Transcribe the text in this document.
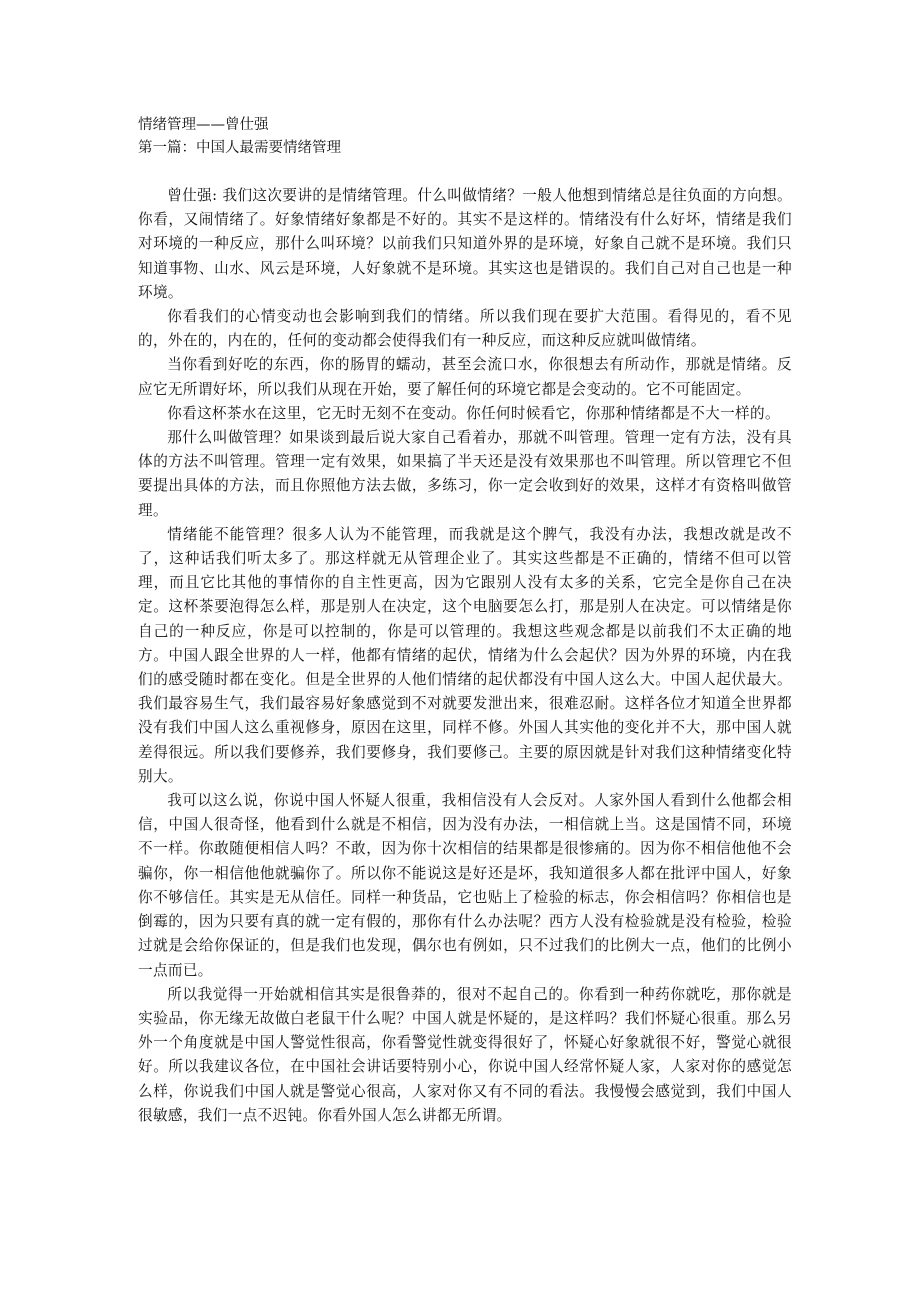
情绪管理——曾仕强
第一篇：中国人最需要情绪管理

曾仕强: 我们这次要讲的是情绪管理。什么叫做情绪？一般人他想到情绪总是往负面的方向想。你看，又闹情绪了。好象情绪好象都是不好的。其实不是这样的。情绪没有什么好坏，情绪是我们对环境的一种反应，那什么叫环境？以前我们只知道外界的是环境，好象自己就不是环境。我们只知道事物、山水、风云是环境，人好象就不是环境。其实这也是错误的。我们自己对自己也是一种环境。

你看我们的心情变动也会影响到我们的情绪。所以我们现在要扩大范围。看得见的，看不见的，外在的，内在的，任何的变动都会使得我们有一种反应，而这种反应就叫做情绪。

当你看到好吃的东西，你的肠胃的蠕动，甚至会流口水，你很想去有所动作，那就是情绪。反应它无所谓好坏，所以我们从现在开始，要了解任何的环境它都是会变动的。它不可能固定。

你看这杯茶水在这里，它无时无刻不在变动。你任何时候看它，你那种情绪都是不大一样的。

那什么叫做管理？如果谈到最后说大家自己看着办，那就不叫管理。管理一定有方法，没有具体的方法不叫管理。管理一定有效果，如果搞了半天还是没有效果那也不叫管理。所以管理它不但要提出具体的方法，而且你照他方法去做，多练习，你一定会收到好的效果，这样才有资格叫做管理。

情绪能不能管理？很多人认为不能管理，而我就是这个脾气，我没有办法，我想改就是改不了，这种话我们听太多了。那这样就无从管理企业了。其实这些都是不正确的，情绪不但可以管理，而且它比其他的事情你的自主性更高，因为它跟别人没有太多的关系，它完全是你自己在决定。这杯茶要泡得怎么样，那是别人在决定，这个电脑要怎么打，那是别人在决定。可以情绪是你自己的一种反应，你是可以控制的，你是可以管理的。我想这些观念都是以前我们不太正确的地方。中国人跟全世界的人一样，他都有情绪的起伏，情绪为什么会起伏？因为外界的环境，内在我们的感受随时都在变化。但是全世界的人他们情绪的起伏都没有中国人这么大。中国人起伏最大。我们最容易生气，我们最容易好象感觉到不对就要发泄出来，很难忍耐。这样各位才知道全世界都没有我们中国人这么重视修身，原因在这里，同样不修。外国人其实他的变化并不大，那中国人就差得很远。所以我们要修养，我们要修身，我们要修己。主要的原因就是针对我们这种情绪变化特别大。

我可以这么说，你说中国人怀疑人很重，我相信没有人会反对。人家外国人看到什么他都会相信，中国人很奇怪，他看到什么就是不相信，因为没有办法，一相信就上当。这是国情不同，环境不一样。你敢随便相信人吗？不敢，因为你十次相信的结果都是很惨痛的。因为你不相信他他不会骗你，你一相信他他就骗你了。所以你不能说这是好还是坏，我知道很多人都在批评中国人，好象你不够信任。其实是无从信任。同样一种货品，它也贴上了检验的标志，你会相信吗？你相信也是倒霉的，因为只要有真的就一定有假的，那你有什么办法呢？西方人没有检验就是没有检验，检验过就是会给你保证的，但是我们也发现，偶尔也有例如，只不过我们的比例大一点，他们的比例小一点而已。

所以我觉得一开始就相信其实是很鲁莽的，很对不起自己的。你看到一种药你就吃，那你就是实验品，你无缘无故做白老鼠干什么呢？中国人就是怀疑的，是这样吗？我们怀疑心很重。那么另外一个角度就是中国人警觉性很高，你看警觉性就变得很好了，怀疑心好象就很不好，警觉心就很好。所以我建议各位，在中国社会讲话要特别小心，你说中国人经常怀疑人家，人家对你的感觉怎么样，你说我们中国人就是警觉心很高，人家对你又有不同的看法。我慢慢会感觉到，我们中国人很敏感，我们一点不迟钝。你看外国人怎么讲都无所谓。
